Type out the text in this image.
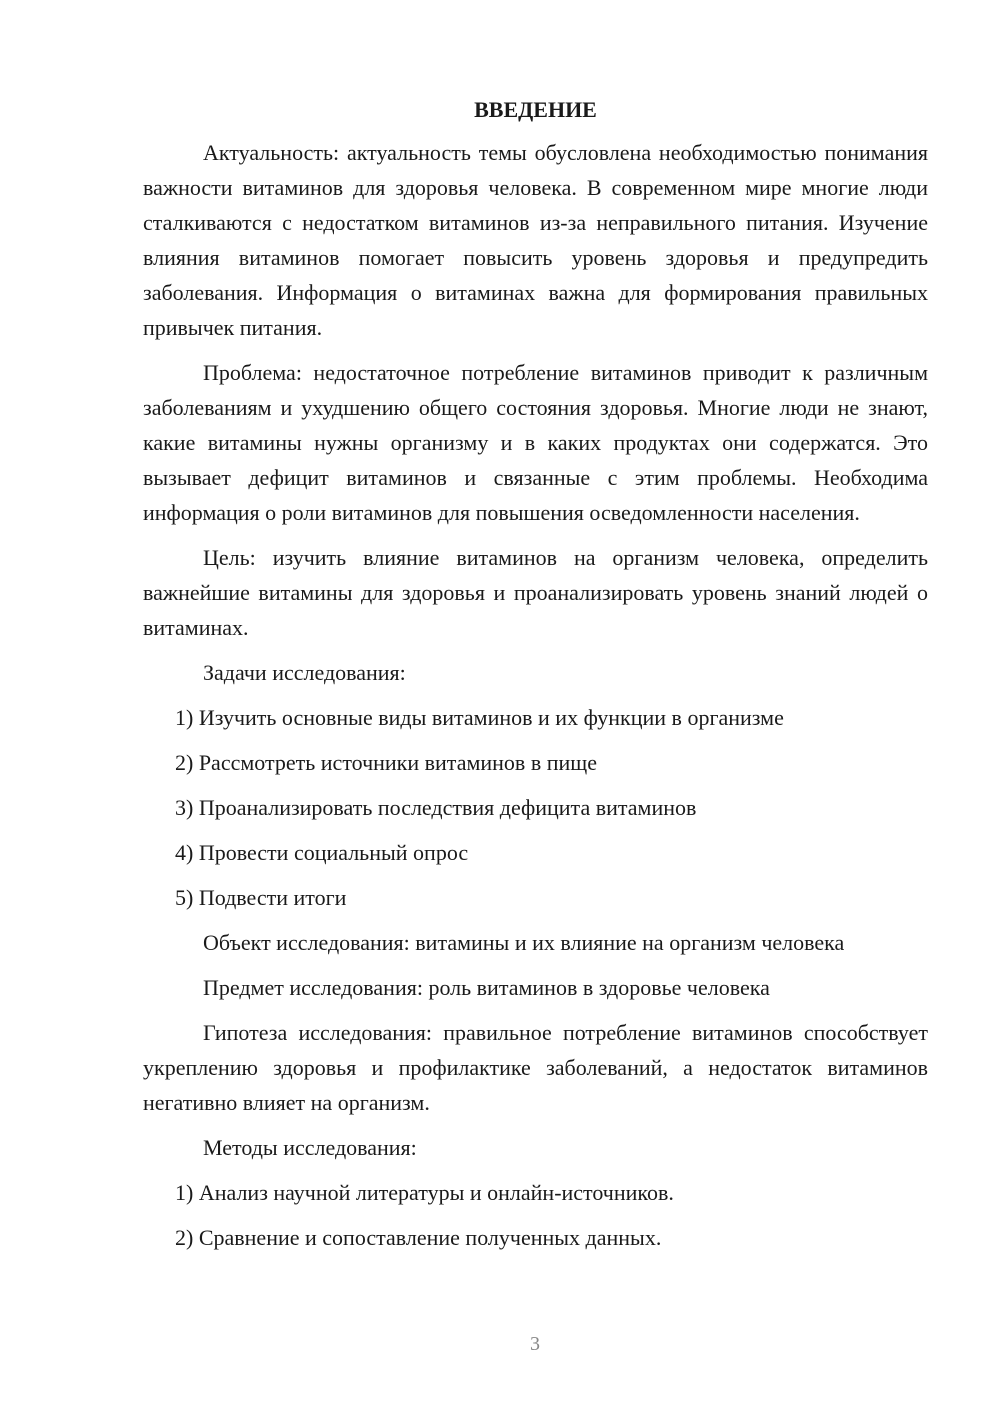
ВВЕДЕНИЕ

Актуальность: актуальность темы обусловлена необходимостью понимания важности витаминов для здоровья человека. В современном мире многие люди сталкиваются с недостатком витаминов из-за неправильного питания. Изучение влияния витаминов помогает повысить уровень здоровья и предупредить заболевания. Информация о витаминах важна для формирования правильных привычек питания.

Проблема: недостаточное потребление витаминов приводит к различным заболеваниям и ухудшению общего состояния здоровья. Многие люди не знают, какие витамины нужны организму и в каких продуктах они содержатся. Это вызывает дефицит витаминов и связанные с этим проблемы. Необходима информация о роли витаминов для повышения осведомленности населения.

Цель: изучить влияние витаминов на организм человека, определить важнейшие витамины для здоровья и проанализировать уровень знаний людей о витаминах.

Задачи исследования:

1) Изучить основные виды витаминов и их функции в организме

2) Рассмотреть источники витаминов в пище

3) Проанализировать последствия дефицита витаминов

4) Провести социальный опрос

5) Подвести итоги

Объект исследования: витамины и их влияние на организм человека

Предмет исследования: роль витаминов в здоровье человека

Гипотеза исследования: правильное потребление витаминов способствует укреплению здоровья и профилактике заболеваний, а недостаток витаминов негативно влияет на организм.

Методы исследования:

1) Анализ научной литературы и онлайн-источников.

2) Сравнение и сопоставление полученных данных.

3
